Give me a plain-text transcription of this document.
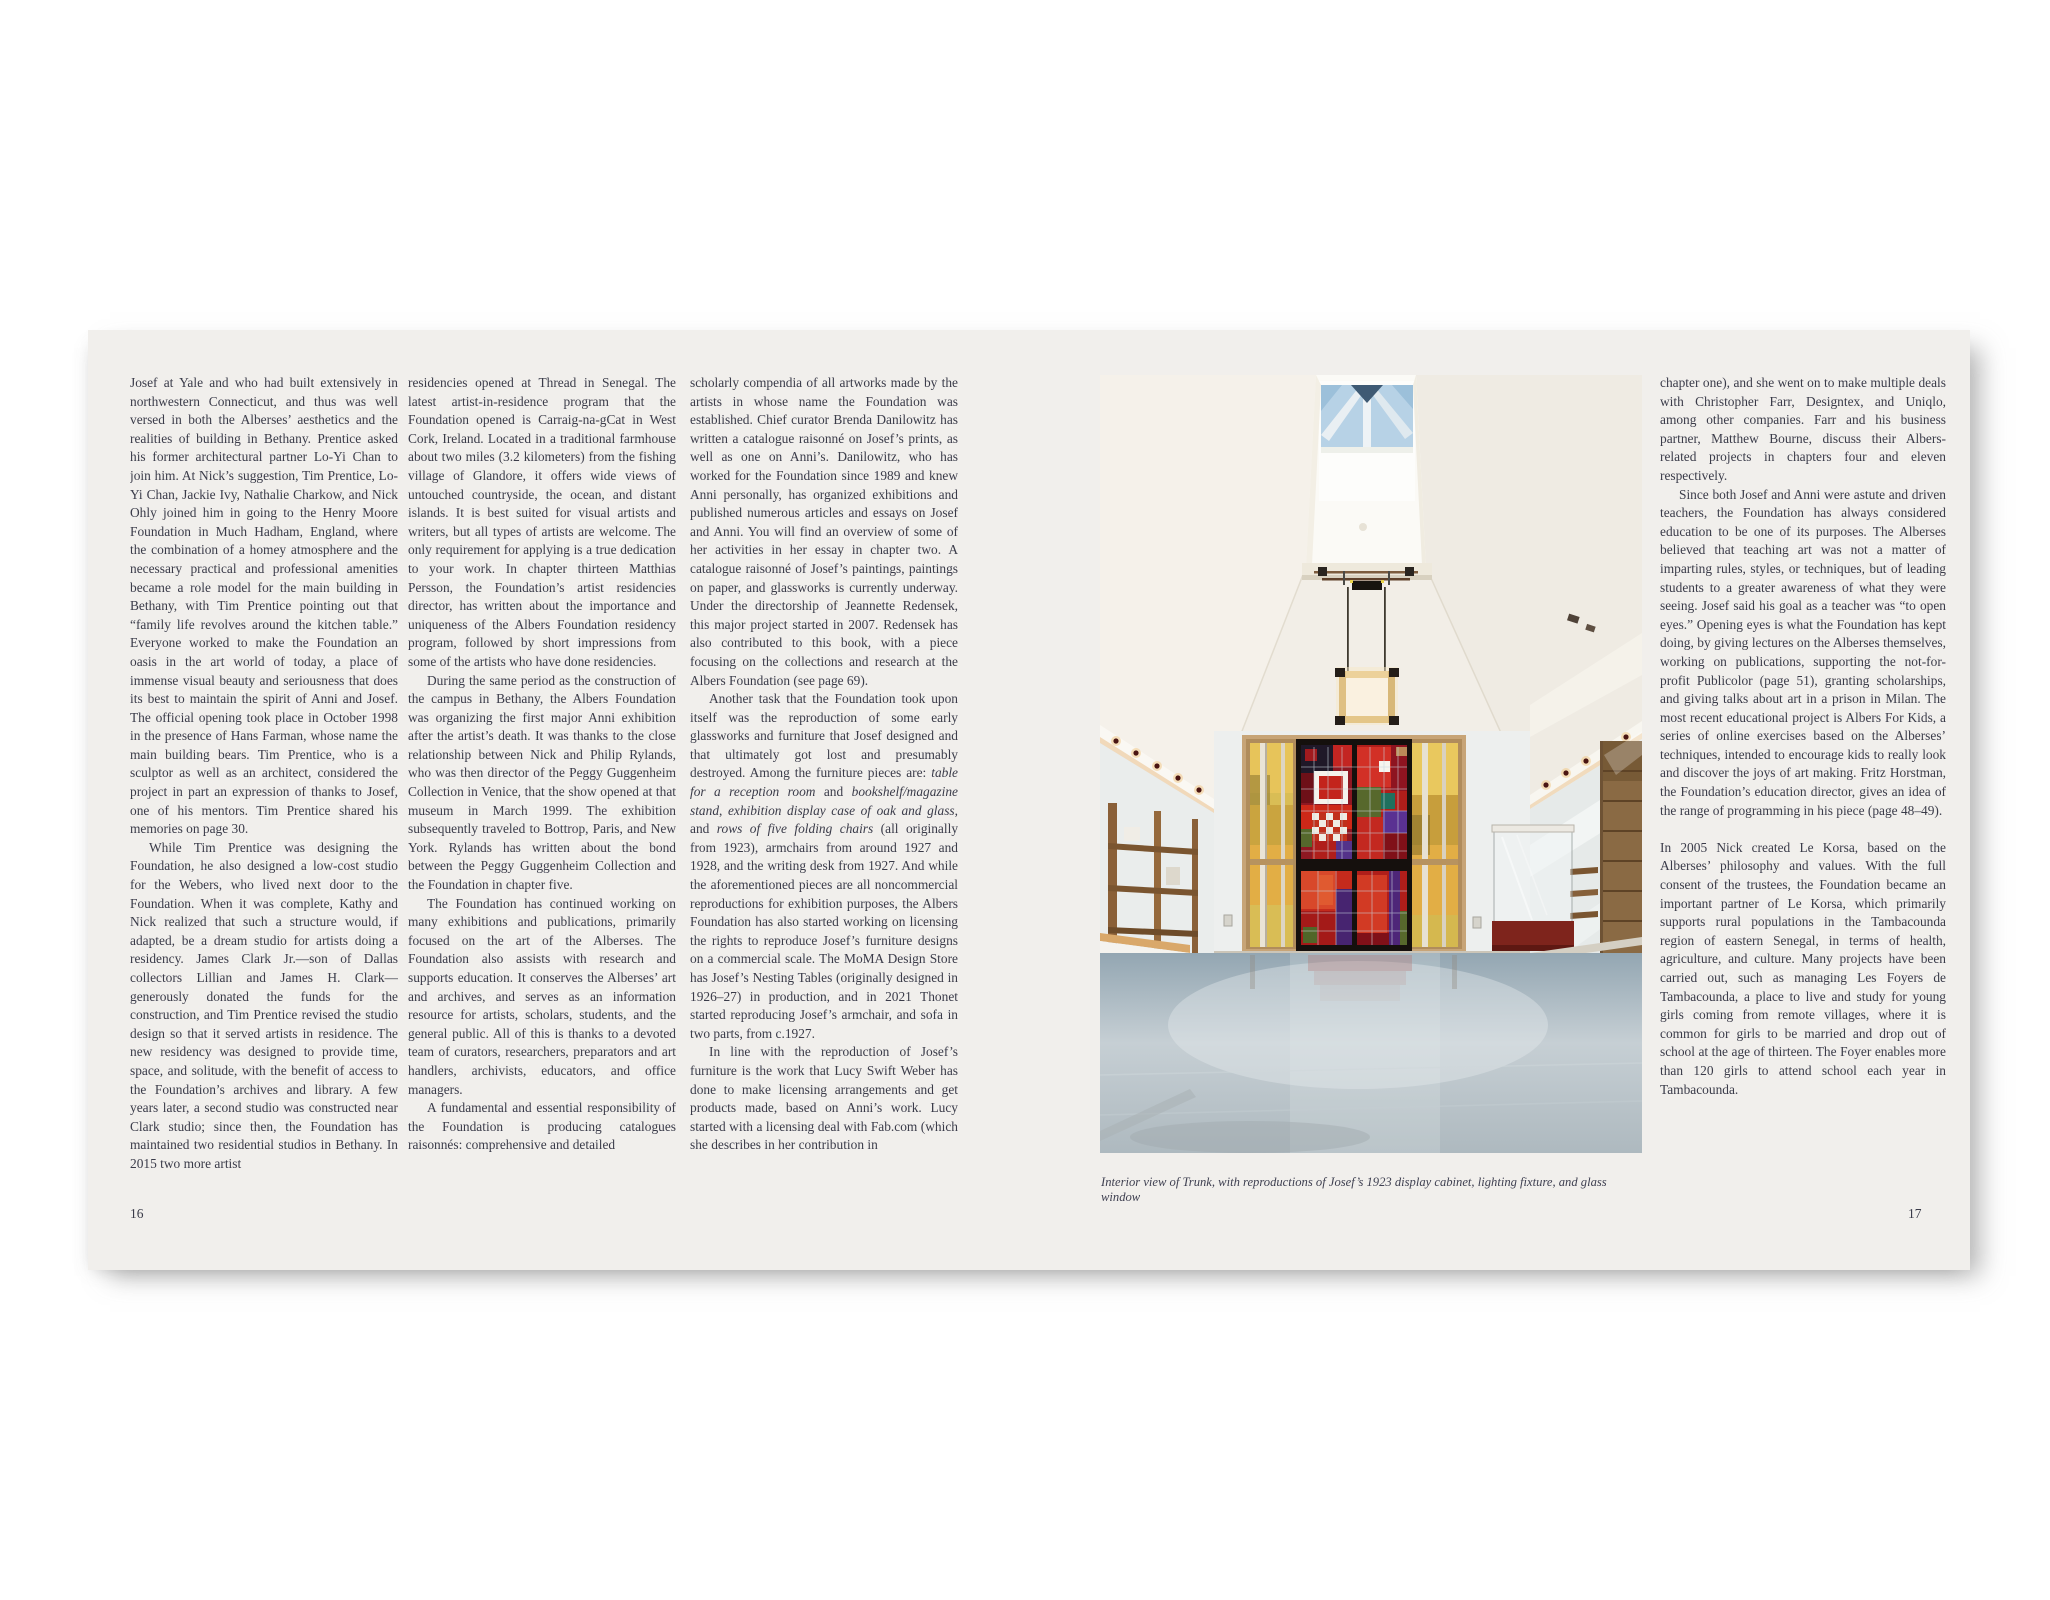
Josef at Yale and who had built extensively in northwestern Connecticut, and thus was well versed in both the Alberses’ aesthetics and the realities of building in Bethany. Prentice asked his former architectural partner Lo-Yi Chan to join him. At Nick’s suggestion, Tim Prentice, Lo-Yi Chan, Jackie Ivy, Nathalie Charkow, and Nick Ohly joined him in going to the Henry Moore Foundation in Much Hadham, England, where the combination of a homey atmosphere and the necessary practical and professional amenities became a role model for the main building in Bethany, with Tim Prentice pointing out that “family life revolves around the kitchen table.” Everyone worked to make the Foundation an oasis in the art world of today, a place of immense visual beauty and seriousness that does its best to maintain the spirit of Anni and Josef. The official opening took place in October 1998 in the presence of Hans Farman, whose name the main building bears. Tim Prentice, who is a sculptor as well as an architect, considered the project in part an expression of thanks to Josef, one of his mentors. Tim Prentice shared his memories on page 30.

While Tim Prentice was designing the Foundation, he also designed a low-cost studio for the Webers, who lived next door to the Foundation. When it was complete, Kathy and Nick realized that such a structure would, if adapted, be a dream studio for artists doing a residency. James Clark Jr.—son of Dallas collectors Lillian and James H. Clark—generously donated the funds for the construction, and Tim Prentice revised the studio design so that it served artists in residence. The new residency was designed to provide time, space, and solitude, with the benefit of access to the Foundation’s archives and library. A few years later, a second studio was constructed near Clark studio; since then, the Foundation has maintained two residential studios in Bethany. In 2015 two more artist

residencies opened at Thread in Senegal. The latest artist-in-residence program that the Foundation opened is Carraig-na-gCat in West Cork, Ireland. Located in a traditional farmhouse about two miles (3.2 kilometers) from the fishing village of Glandore, it offers wide views of untouched countryside, the ocean, and distant islands. It is best suited for visual artists and writers, but all types of artists are welcome. The only requirement for applying is a true dedication to your work. In chapter thirteen Matthias Persson, the Foundation’s artist residencies director, has written about the importance and uniqueness of the Albers Foundation residency program, followed by short impressions from some of the artists who have done residencies.

During the same period as the construction of the campus in Bethany, the Albers Foundation was organizing the first major Anni exhibition after the artist’s death. It was thanks to the close relationship between Nick and Philip Rylands, who was then director of the Peggy Guggenheim Collection in Venice, that the show opened at that museum in March 1999. The exhibition subsequently traveled to Bottrop, Paris, and New York. Rylands has written about the bond between the Peggy Guggenheim Collection and the Foundation in chapter five.

The Foundation has continued working on many exhibitions and publications, primarily focused on the art of the Alberses. The Foundation also assists with research and supports education. It conserves the Alberses’ art and archives, and serves as an information resource for artists, scholars, students, and the general public. All of this is thanks to a devoted team of curators, researchers, preparators and art handlers, archivists, educators, and office managers.

A fundamental and essential responsibility of the Foundation is producing catalogues raisonnés: comprehensive and detailed

scholarly compendia of all artworks made by the artists in whose name the Foundation was established. Chief curator Brenda Danilowitz has written a catalogue raisonné on Josef’s prints, as well as one on Anni’s. Danilowitz, who has worked for the Foundation since 1989 and knew Anni personally, has organized exhibitions and published numerous articles and essays on Josef and Anni. You will find an overview of some of her activities in her essay in chapter two. A catalogue raisonné of Josef’s paintings, paintings on paper, and glassworks is currently underway. Under the directorship of Jeannette Redensek, this major project started in 2007. Redensek has also contributed to this book, with a piece focusing on the collections and research at the Albers Foundation (see page 69).

Another task that the Foundation took upon itself was the reproduction of some early glassworks and furniture that Josef designed and that ultimately got lost and presumably destroyed. Among the furniture pieces are: table for a reception room and bookshelf/magazine stand, exhibition display case of oak and glass, and rows of five folding chairs (all originally from 1923), armchairs from around 1927 and 1928, and the writing desk from 1927. And while the aforementioned pieces are all noncommercial reproductions for exhibition purposes, the Albers Foundation has also started working on licensing the rights to reproduce Josef’s furniture designs on a commercial scale. The MoMA Design Store has Josef’s Nesting Tables (originally designed in 1926–27) in production, and in 2021 Thonet started reproducing Josef’s armchair, and sofa in two parts, from c.1927.

In line with the reproduction of Josef’s furniture is the work that Lucy Swift Weber has done to make licensing arrangements and get products made, based on Anni’s work. Lucy started with a licensing deal with Fab.com (which she describes in her contribution in

16
Interior view of Trunk, with reproductions of Josef’s 1923 display cabinet, lighting fixture, and glass window

chapter one), and she went on to make multiple deals with Christopher Farr, Designtex, and Uniqlo, among other companies. Farr and his business partner, Matthew Bourne, discuss their Albers-related projects in chapters four and eleven respectively.

Since both Josef and Anni were astute and driven teachers, the Foundation has always considered education to be one of its purposes. The Alberses believed that teaching art was not a matter of imparting rules, styles, or techniques, but of leading students to a greater awareness of what they were seeing. Josef said his goal as a teacher was “to open eyes.” Opening eyes is what the Foundation has kept doing, by giving lectures on the Alberses themselves, working on publications, supporting the not-for-profit Publicolor (page 51), granting scholarships, and giving talks about art in a prison in Milan. The most recent educational project is Albers For Kids, a series of online exercises based on the Alberses’ techniques, intended to encourage kids to really look and discover the joys of art making. Fritz Horstman, the Foundation’s education director, gives an idea of the range of programming in his piece (page 48–49).

In 2005 Nick created Le Korsa, based on the Alberses’ philosophy and values. With the full consent of the trustees, the Foundation became an important partner of Le Korsa, which primarily supports rural populations in the Tambacounda region of eastern Senegal, in terms of health, agriculture, and culture. Many projects have been carried out, such as managing Les Foyers de Tambacounda, a place to live and study for young girls coming from remote villages, where it is common for girls to be married and drop out of school at the age of thirteen. The Foyer enables more than 120 girls to attend school each year in Tambacounda.

17
